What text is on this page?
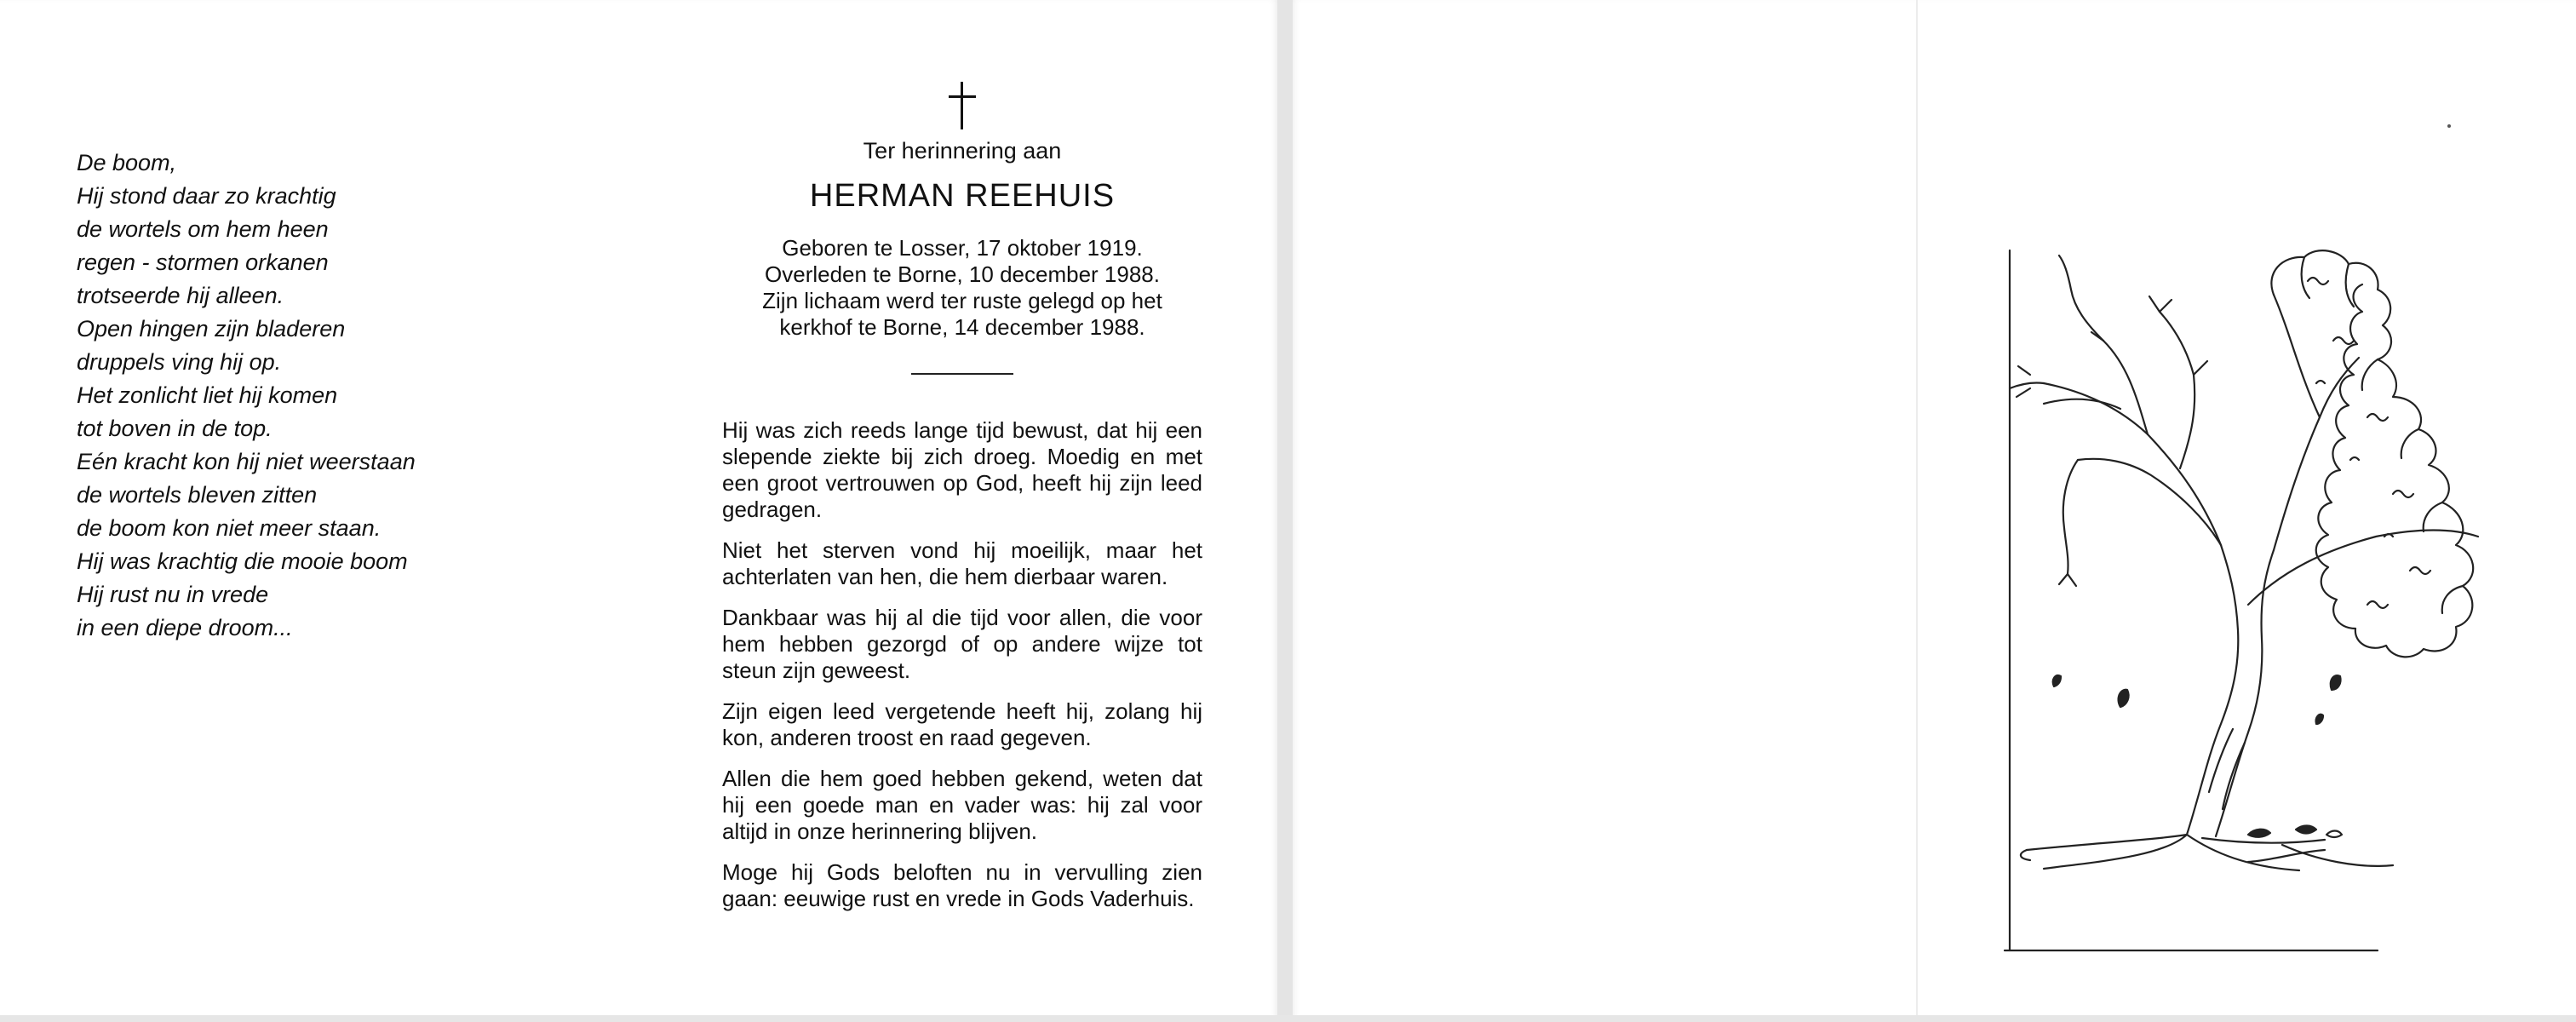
De boom,
Hij stond daar zo krachtig
de wortels om hem heen
regen - stormen orkanen
trotseerde hij alleen.
Open hingen zijn bladeren
druppels ving hij op.
Het zonlicht liet hij komen
tot boven in de top.
Eén kracht kon hij niet weerstaan
de wortels bleven zitten
de boom kon niet meer staan.
Hij was krachtig die mooie boom
Hij rust nu in vrede
in een diepe droom...
Ter herinnering aan
HERMAN REEHUIS
Geboren te Losser, 17 oktober 1919.
Overleden te Borne, 10 december 1988.
Zijn lichaam werd ter ruste gelegd op het
kerkhof te Borne, 14 december 1988.

Hij was zich reeds lange tijd bewust, dat hij een slepende ziekte bij zich droeg. Moedig en met een groot vertrouwen op God, heeft hij zijn leed gedragen.

Niet het sterven vond hij moeilijk, maar het achterlaten van hen, die hem dierbaar waren.

Dankbaar was hij al die tijd voor allen, die voor hem hebben gezorgd of op andere wijze tot steun zijn geweest.

Zijn eigen leed vergetende heeft hij, zolang hij kon, anderen troost en raad gegeven.

Allen die hem goed hebben gekend, weten dat hij een goede man en vader was: hij zal voor altijd in onze herinnering blijven.

Moge hij Gods beloften nu in vervulling zien gaan: eeuwige rust en vrede in Gods Vaderhuis.
